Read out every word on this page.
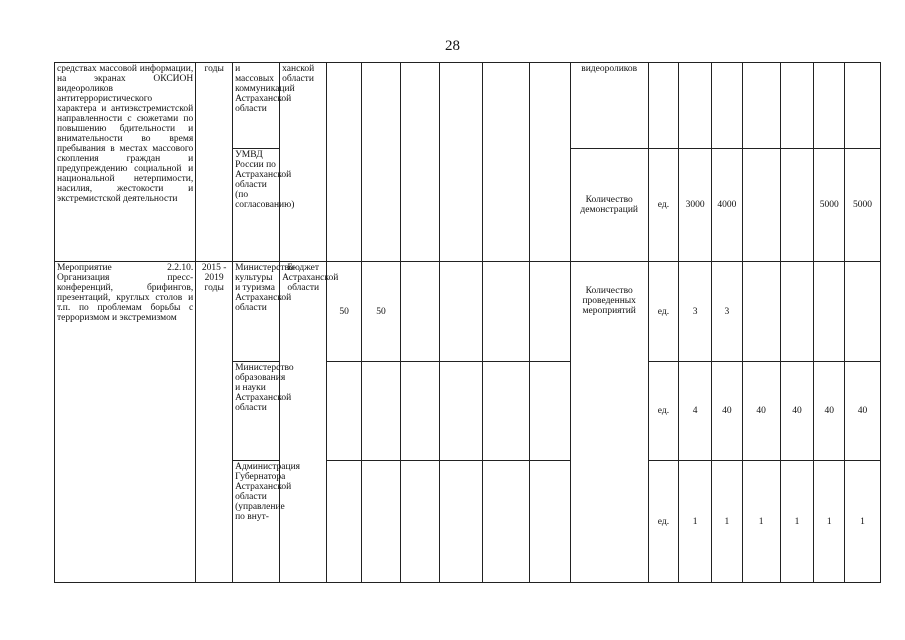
28
средствах массовой информации, на экранах ОКСИОН видеороликов антитеррористического характера и антиэкстремистской направленности с сюжетами по повышению бдительности и внимательности во время пребывания в местах массового скопления граждан и предупреждению социальной и национальной нетерпимости, насилия, жестокости и экстремистской деятельности	годы	и массовых коммуникаций Астраханской области	ханской области							видеороликов							
		УМВД России по Астраханской области (по согласованию)								Количество демонстраций	ед.	3000	4000			5000	5000
Мероприятие 2.2.10. Организация пресс-конференций, брифингов, презентаций, круглых столов и т.п. по проблемам борьбы с терроризмом и экстремизмом	2015 - 2019 годы	Министерство культуры и туризма Астраханской области	Бюджет Астраханской области	50	50					Количество проведенных мероприятий	ед.	3	3				
		Министерство образования и науки Астраханской области									ед.	4	40	40	40	40	40
		Администрация Губернатора Астраханской области (управление по внут-									ед.	1	1	1	1	1	1
